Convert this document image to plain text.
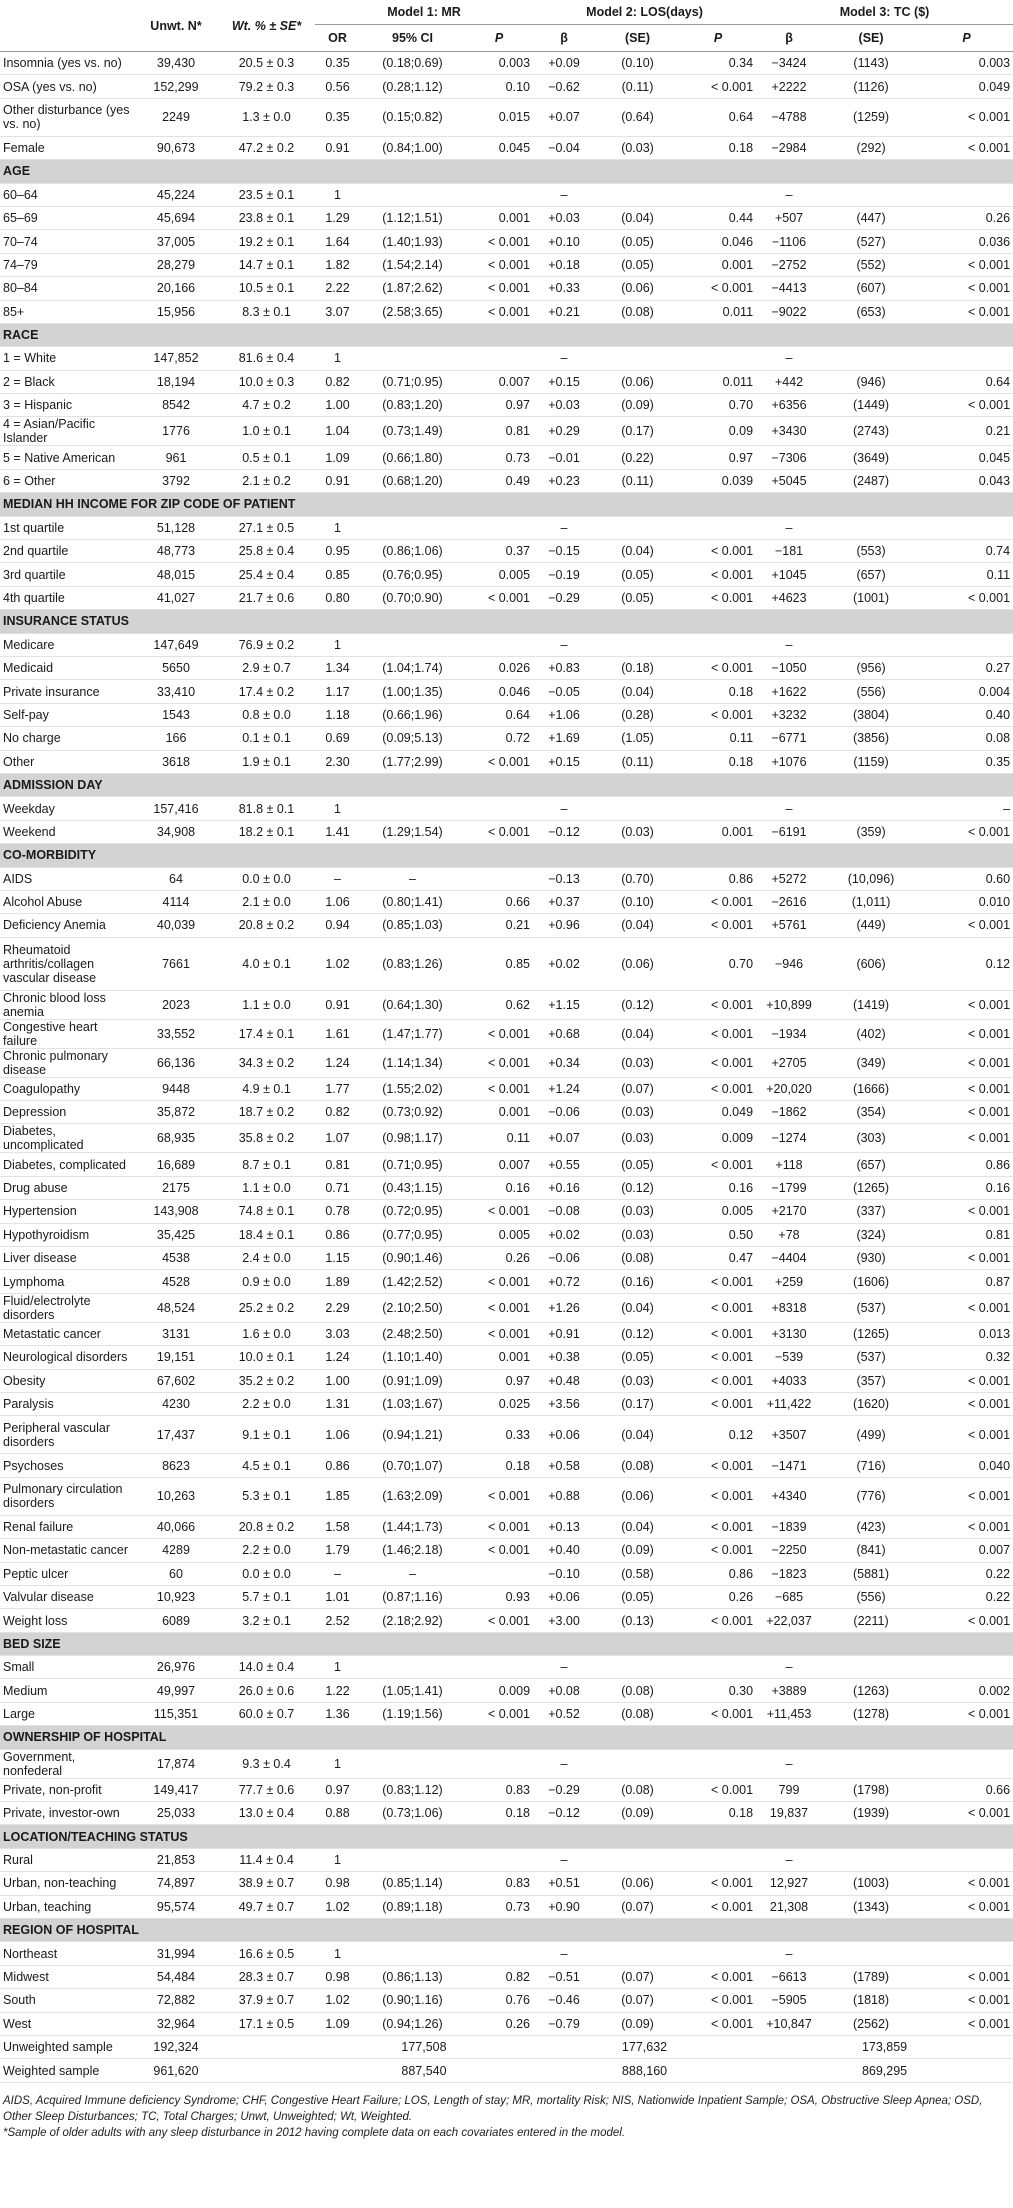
	Unwt. N*	Wt. % ± SE*	Model 1: MR			Model 2: LOS(days)			Model 3: TC ($)		
			OR	95% CI	P	β	(SE)	P	β	(SE)	P
Insomnia (yes vs. no)	39,430	20.5 ± 0.3	0.35	(0.18;0.69)	0.003	+0.09	(0.10)	0.34	−3424	(1143)	0.003
OSA (yes vs. no)	152,299	79.2 ± 0.3	0.56	(0.28;1.12)	0.10	−0.62	(0.11)	< 0.001	+2222	(1126)	0.049
Other disturbance (yes vs. no)	2249	1.3 ± 0.0	0.35	(0.15;0.82)	0.015	+0.07	(0.64)	0.64	−4788	(1259)	< 0.001
Female	90,673	47.2 ± 0.2	0.91	(0.84;1.00)	0.045	−0.04	(0.03)	0.18	−2984	(292)	< 0.001
AGE											
60–64	45,224	23.5 ± 0.1	1			–			–		
65–69	45,694	23.8 ± 0.1	1.29	(1.12;1.51)	0.001	+0.03	(0.04)	0.44	+507	(447)	0.26
70–74	37,005	19.2 ± 0.1	1.64	(1.40;1.93)	< 0.001	+0.10	(0.05)	0.046	−1106	(527)	0.036
74–79	28,279	14.7 ± 0.1	1.82	(1.54;2.14)	< 0.001	+0.18	(0.05)	0.001	−2752	(552)	< 0.001
80–84	20,166	10.5 ± 0.1	2.22	(1.87;2.62)	< 0.001	+0.33	(0.06)	< 0.001	−4413	(607)	< 0.001
85+	15,956	8.3 ± 0.1	3.07	(2.58;3.65)	< 0.001	+0.21	(0.08)	0.011	−9022	(653)	< 0.001
RACE											
1 = White	147,852	81.6 ± 0.4	1			–			–		
2 = Black	18,194	10.0 ± 0.3	0.82	(0.71;0.95)	0.007	+0.15	(0.06)	0.011	+442	(946)	0.64
3 = Hispanic	8542	4.7 ± 0.2	1.00	(0.83;1.20)	0.97	+0.03	(0.09)	0.70	+6356	(1449)	< 0.001
4 = Asian/Pacific Islander	1776	1.0 ± 0.1	1.04	(0.73;1.49)	0.81	+0.29	(0.17)	0.09	+3430	(2743)	0.21
5 = Native American	961	0.5 ± 0.1	1.09	(0.66;1.80)	0.73	−0.01	(0.22)	0.97	−7306	(3649)	0.045
6 = Other	3792	2.1 ± 0.2	0.91	(0.68;1.20)	0.49	+0.23	(0.11)	0.039	+5045	(2487)	0.043
MEDIAN HH INCOME FOR ZIP CODE OF PATIENT											
1st quartile	51,128	27.1 ± 0.5	1			–			–		
2nd quartile	48,773	25.8 ± 0.4	0.95	(0.86;1.06)	0.37	−0.15	(0.04)	< 0.001	−181	(553)	0.74
3rd quartile	48,015	25.4 ± 0.4	0.85	(0.76;0.95)	0.005	−0.19	(0.05)	< 0.001	+1045	(657)	0.11
4th quartile	41,027	21.7 ± 0.6	0.80	(0.70;0.90)	< 0.001	−0.29	(0.05)	< 0.001	+4623	(1001)	< 0.001
INSURANCE STATUS											
Medicare	147,649	76.9 ± 0.2	1			–			–		
Medicaid	5650	2.9 ± 0.7	1.34	(1.04;1.74)	0.026	+0.83	(0.18)	< 0.001	−1050	(956)	0.27
Private insurance	33,410	17.4 ± 0.2	1.17	(1.00;1.35)	0.046	−0.05	(0.04)	0.18	+1622	(556)	0.004
Self-pay	1543	0.8 ± 0.0	1.18	(0.66;1.96)	0.64	+1.06	(0.28)	< 0.001	+3232	(3804)	0.40
No charge	166	0.1 ± 0.1	0.69	(0.09;5.13)	0.72	+1.69	(1.05)	0.11	−6771	(3856)	0.08
Other	3618	1.9 ± 0.1	2.30	(1.77;2.99)	< 0.001	+0.15	(0.11)	0.18	+1076	(1159)	0.35
ADMISSION DAY											
Weekday	157,416	81.8 ± 0.1	1			–			–		–
Weekend	34,908	18.2 ± 0.1	1.41	(1.29;1.54)	< 0.001	−0.12	(0.03)	0.001	−6191	(359)	< 0.001
CO-MORBIDITY											
AIDS	64	0.0 ± 0.0	–	–		−0.13	(0.70)	0.86	+5272	(10,096)	0.60
Alcohol Abuse	4114	2.1 ± 0.0	1.06	(0.80;1.41)	0.66	+0.37	(0.10)	< 0.001	−2616	(1,011)	0.010
Deficiency Anemia	40,039	20.8 ± 0.2	0.94	(0.85;1.03)	0.21	+0.96	(0.04)	< 0.001	+5761	(449)	< 0.001
Rheumatoid arthritis/collagen vascular disease	7661	4.0 ± 0.1	1.02	(0.83;1.26)	0.85	+0.02	(0.06)	0.70	−946	(606)	0.12
Chronic blood loss anemia	2023	1.1 ± 0.0	0.91	(0.64;1.30)	0.62	+1.15	(0.12)	< 0.001	+10,899	(1419)	< 0.001
Congestive heart failure	33,552	17.4 ± 0.1	1.61	(1.47;1.77)	< 0.001	+0.68	(0.04)	< 0.001	−1934	(402)	< 0.001
Chronic pulmonary disease	66,136	34.3 ± 0.2	1.24	(1.14;1.34)	< 0.001	+0.34	(0.03)	< 0.001	+2705	(349)	< 0.001
Coagulopathy	9448	4.9 ± 0.1	1.77	(1.55;2.02)	< 0.001	+1.24	(0.07)	< 0.001	+20,020	(1666)	< 0.001
Depression	35,872	18.7 ± 0.2	0.82	(0.73;0.92)	0.001	−0.06	(0.03)	0.049	−1862	(354)	< 0.001
Diabetes, uncomplicated	68,935	35.8 ± 0.2	1.07	(0.98;1.17)	0.11	+0.07	(0.03)	0.009	−1274	(303)	< 0.001
Diabetes, complicated	16,689	8.7 ± 0.1	0.81	(0.71;0.95)	0.007	+0.55	(0.05)	< 0.001	+118	(657)	0.86
Drug abuse	2175	1.1 ± 0.0	0.71	(0.43;1.15)	0.16	+0.16	(0.12)	0.16	−1799	(1265)	0.16
Hypertension	143,908	74.8 ± 0.1	0.78	(0.72;0.95)	< 0.001	−0.08	(0.03)	0.005	+2170	(337)	< 0.001
Hypothyroidism	35,425	18.4 ± 0.1	0.86	(0.77;0.95)	0.005	+0.02	(0.03)	0.50	+78	(324)	0.81
Liver disease	4538	2.4 ± 0.0	1.15	(0.90;1.46)	0.26	−0.06	(0.08)	0.47	−4404	(930)	< 0.001
Lymphoma	4528	0.9 ± 0.0	1.89	(1.42;2.52)	< 0.001	+0.72	(0.16)	< 0.001	+259	(1606)	0.87
Fluid/electrolyte disorders	48,524	25.2 ± 0.2	2.29	(2.10;2.50)	< 0.001	+1.26	(0.04)	< 0.001	+8318	(537)	< 0.001
Metastatic cancer	3131	1.6 ± 0.0	3.03	(2.48;2.50)	< 0.001	+0.91	(0.12)	< 0.001	+3130	(1265)	0.013
Neurological disorders	19,151	10.0 ± 0.1	1.24	(1.10;1.40)	0.001	+0.38	(0.05)	< 0.001	−539	(537)	0.32
Obesity	67,602	35.2 ± 0.2	1.00	(0.91;1.09)	0.97	+0.48	(0.03)	< 0.001	+4033	(357)	< 0.001
Paralysis	4230	2.2 ± 0.0	1.31	(1.03;1.67)	0.025	+3.56	(0.17)	< 0.001	+11,422	(1620)	< 0.001
Peripheral vascular disorders	17,437	9.1 ± 0.1	1.06	(0.94;1.21)	0.33	+0.06	(0.04)	0.12	+3507	(499)	< 0.001
Psychoses	8623	4.5 ± 0.1	0.86	(0.70;1.07)	0.18	+0.58	(0.08)	< 0.001	−1471	(716)	0.040
Pulmonary circulation disorders	10,263	5.3 ± 0.1	1.85	(1.63;2.09)	< 0.001	+0.88	(0.06)	< 0.001	+4340	(776)	< 0.001
Renal failure	40,066	20.8 ± 0.2	1.58	(1.44;1.73)	< 0.001	+0.13	(0.04)	< 0.001	−1839	(423)	< 0.001
Non-metastatic cancer	4289	2.2 ± 0.0	1.79	(1.46;2.18)	< 0.001	+0.40	(0.09)	< 0.001	−2250	(841)	0.007
Peptic ulcer	60	0.0 ± 0.0	–	–		−0.10	(0.58)	0.86	−1823	(5881)	0.22
Valvular disease	10,923	5.7 ± 0.1	1.01	(0.87;1.16)	0.93	+0.06	(0.05)	0.26	−685	(556)	0.22
Weight loss	6089	3.2 ± 0.1	2.52	(2.18;2.92)	< 0.001	+3.00	(0.13)	< 0.001	+22,037	(2211)	< 0.001
BED SIZE											
Small	26,976	14.0 ± 0.4	1			–			–		
Medium	49,997	26.0 ± 0.6	1.22	(1.05;1.41)	0.009	+0.08	(0.08)	0.30	+3889	(1263)	0.002
Large	115,351	60.0 ± 0.7	1.36	(1.19;1.56)	< 0.001	+0.52	(0.08)	< 0.001	+11,453	(1278)	< 0.001
OWNERSHIP OF HOSPITAL											
Government, nonfederal	17,874	9.3 ± 0.4	1			–			–		
Private, non-profit	149,417	77.7 ± 0.6	0.97	(0.83;1.12)	0.83	−0.29	(0.08)	< 0.001	799	(1798)	0.66
Private, investor-own	25,033	13.0 ± 0.4	0.88	(0.73;1.06)	0.18	−0.12	(0.09)	0.18	19,837	(1939)	< 0.001
LOCATION/TEACHING STATUS											
Rural	21,853	11.4 ± 0.4	1			–			–		
Urban, non-teaching	74,897	38.9 ± 0.7	0.98	(0.85;1.14)	0.83	+0.51	(0.06)	< 0.001	12,927	(1003)	< 0.001
Urban, teaching	95,574	49.7 ± 0.7	1.02	(0.89;1.18)	0.73	+0.90	(0.07)	< 0.001	21,308	(1343)	< 0.001
REGION OF HOSPITAL											
Northeast	31,994	16.6 ± 0.5	1			–			–		
Midwest	54,484	28.3 ± 0.7	0.98	(0.86;1.13)	0.82	−0.51	(0.07)	< 0.001	−6613	(1789)	< 0.001
South	72,882	37.9 ± 0.7	1.02	(0.90;1.16)	0.76	−0.46	(0.07)	< 0.001	−5905	(1818)	< 0.001
West	32,964	17.1 ± 0.5	1.09	(0.94;1.26)	0.26	−0.79	(0.09)	< 0.001	+10,847	(2562)	< 0.001
Unweighted sample	192,324		177,508			177,632			173,859		
Weighted sample	961,620		887,540			888,160			869,295		
AIDS, Acquired Immune deficiency Syndrome; CHF, Congestive Heart Failure; LOS, Length of stay; MR, mortality Risk; NIS, Nationwide Inpatient Sample; OSA, Obstructive Sleep Apnea; OSD, Other Sleep Disturbances; TC, Total Charges; Unwt, Unweighted; Wt, Weighted.
*Sample of older adults with any sleep disturbance in 2012 having complete data on each covariates entered in the model.
